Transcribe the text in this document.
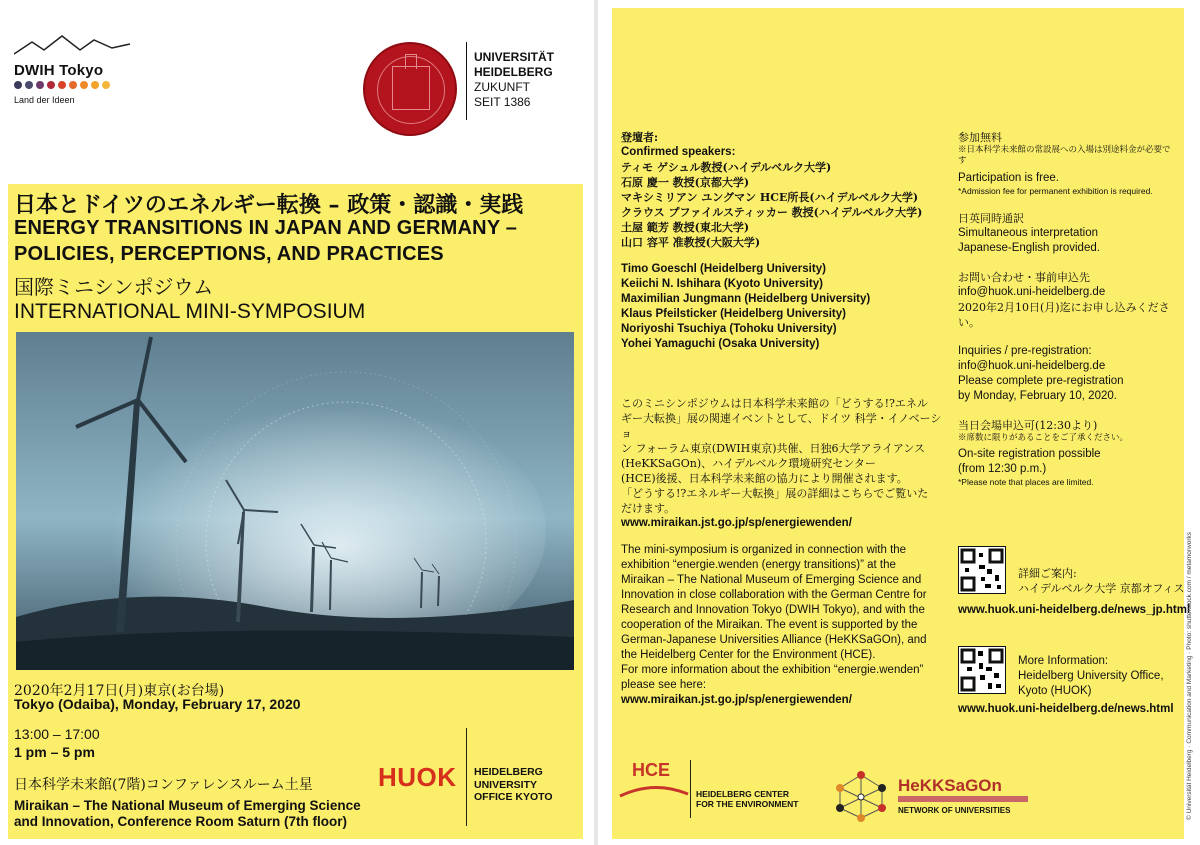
DWIH Tokyo
Land der Ideen
UNIVERSITÄT
HEIDELBERG
ZUKUNFT
SEIT 1386
日本とドイツのエネルギー転換 – 政策・認識・実践
ENERGY TRANSITIONS IN JAPAN AND GERMANY –
POLICIES, PERCEPTIONS, AND PRACTICES
国際ミニシンポジウム
INTERNATIONAL MINI-SYMPOSIUM
2020年2月17日(月)東京(お台場)
Tokyo (Odaiba), Monday, February 17, 2020
13:00 – 17:00
1 pm – 5 pm
日本科学未来館(7階)コンファレンスルーム土星
Miraikan – The National Museum of Emerging Science
and Innovation, Conference Room Saturn (7th floor)
HUOK HEIDELBERG
UNIVERSITY
OFFICE KYOTO
登壇者:
Confirmed speakers:
ティモ ゲシュル教授(ハイデルベルク大学)
石原 慶一 教授(京都大学)
マキシミリアン ユングマン HCE所長(ハイデルベルク大学)
クラウス プファイルスティッカー 教授(ハイデルベルク大学)
土屋 範芳 教授(東北大学)
山口 容平 准教授(大阪大学)
Timo Goeschl (Heidelberg University)
Keiichi N. Ishihara (Kyoto University)
Maximilian Jungmann (Heidelberg University)
Klaus Pfeilsticker (Heidelberg University)
Noriyoshi Tsuchiya (Tohoku University)
Yohei Yamaguchi (Osaka University)
このミニシンポジウムは日本科学未来館の「どうする!?エネル
ギー大転換」展の関連イベントとして、ドイツ 科学・イノベーショ
ン フォーラム東京(DWIH東京)共催、日独6大学アライアンス
(HeKKSaGOn)、ハイデルベルク環境研究センター
(HCE)後援、日本科学未来館の協力により開催されます。
「どうする!?エネルギー大転換」展の詳細はこちらでご覧いた
だけます。
www.miraikan.jst.go.jp/sp/energiewenden/
The mini-symposium is organized in connection with the
exhibition “energie.wenden (energy transitions)” at the
Miraikan – The National Museum of Emerging Science and
Innovation in close collaboration with the German Centre for
Research and Innovation Tokyo (DWIH Tokyo), and with the
cooperation of the Miraikan. The event is supported by the
German-Japanese Universities Alliance (HeKKSaGOn), and
the Heidelberg Center for the Environment (HCE).
For more information about the exhibition “energie.wenden”
please see here:
www.miraikan.jst.go.jp/sp/energiewenden/
参加無料
※日本科学未来館の常設展への入場は別途料金が必要です
Participation is free.
*Admission fee for permanent exhibition is required.
日英同時通訳
Simultaneous interpretation
Japanese-English provided.
お問い合わせ・事前申込先
info@huok.uni-heidelberg.de
2020年2月10日(月)迄にお申し込みください。
Inquiries / pre-registration:
info@huok.uni-heidelberg.de
Please complete pre-registration
by Monday, February 10, 2020.
当日会場申込可(12:30より)
※席数に限りがあることをご了承ください。
On-site registration possible
(from 12:30 p.m.)
*Please note that places are limited.
詳細ご案内:
ハイデルベルク大学 京都オフィス
www.huok.uni-heidelberg.de/news_jp.html
More Information:
Heidelberg University Office,
Kyoto (HUOK)
www.huok.uni-heidelberg.de/news.html
HCE
HEIDELBERG CENTER
FOR THE ENVIRONMENT
HeKKSaGOn
NETWORK OF UNIVERSITIES	© Universität Heidelberg · Communication and Marketing · Photo: shutterstock.com / metamorworks
